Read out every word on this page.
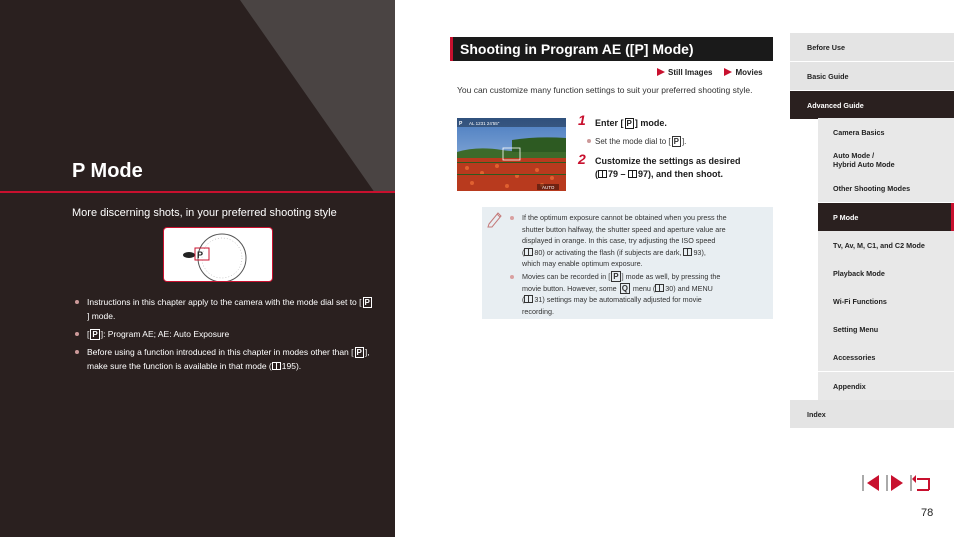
P Mode
More discerning shots, in your preferred shooting style
P
Instructions in this chapter apply to the camera with the mode dial set to [ P] mode.
[ P ]: Program AE; AE: Auto Exposure
Before using a function introduced in this chapter in modes other than [ P ], make sure the function is available in that mode ( 195).
Shooting in Program AE ([P] Mode)
Still Images	Movies
You can customize many function settings to suit your preferred shooting style.
P AL 1231 24'55"
AUTO
1 Enter [ P ] mode.
Set the mode dial to [ P ].
2 Customize the settings as desired
( 79 – 97), and then shoot.
If the optimum exposure cannot be obtained when you press the
shutter button halfway, the shutter speed and aperture value are
displayed in orange. In this case, try adjusting the ISO speed
( 80) or activating the flash (if subjects are dark, 93),
which may enable optimum exposure.
Movies can be recorded in [ P ] mode as well, by pressing the
movie button. However, some Q menu ( 30) and MENU
( 31) settings may be automatically adjusted for movie
recording.
Before Use
Basic Guide
Advanced Guide
Camera Basics
Auto Mode /
Hybrid Auto Mode
Other Shooting Modes
P Mode
Tv, Av, M, C1, and C2 Mode
Playback Mode
Wi-Fi Functions
Setting Menu
Accessories
Appendix
Index
78
